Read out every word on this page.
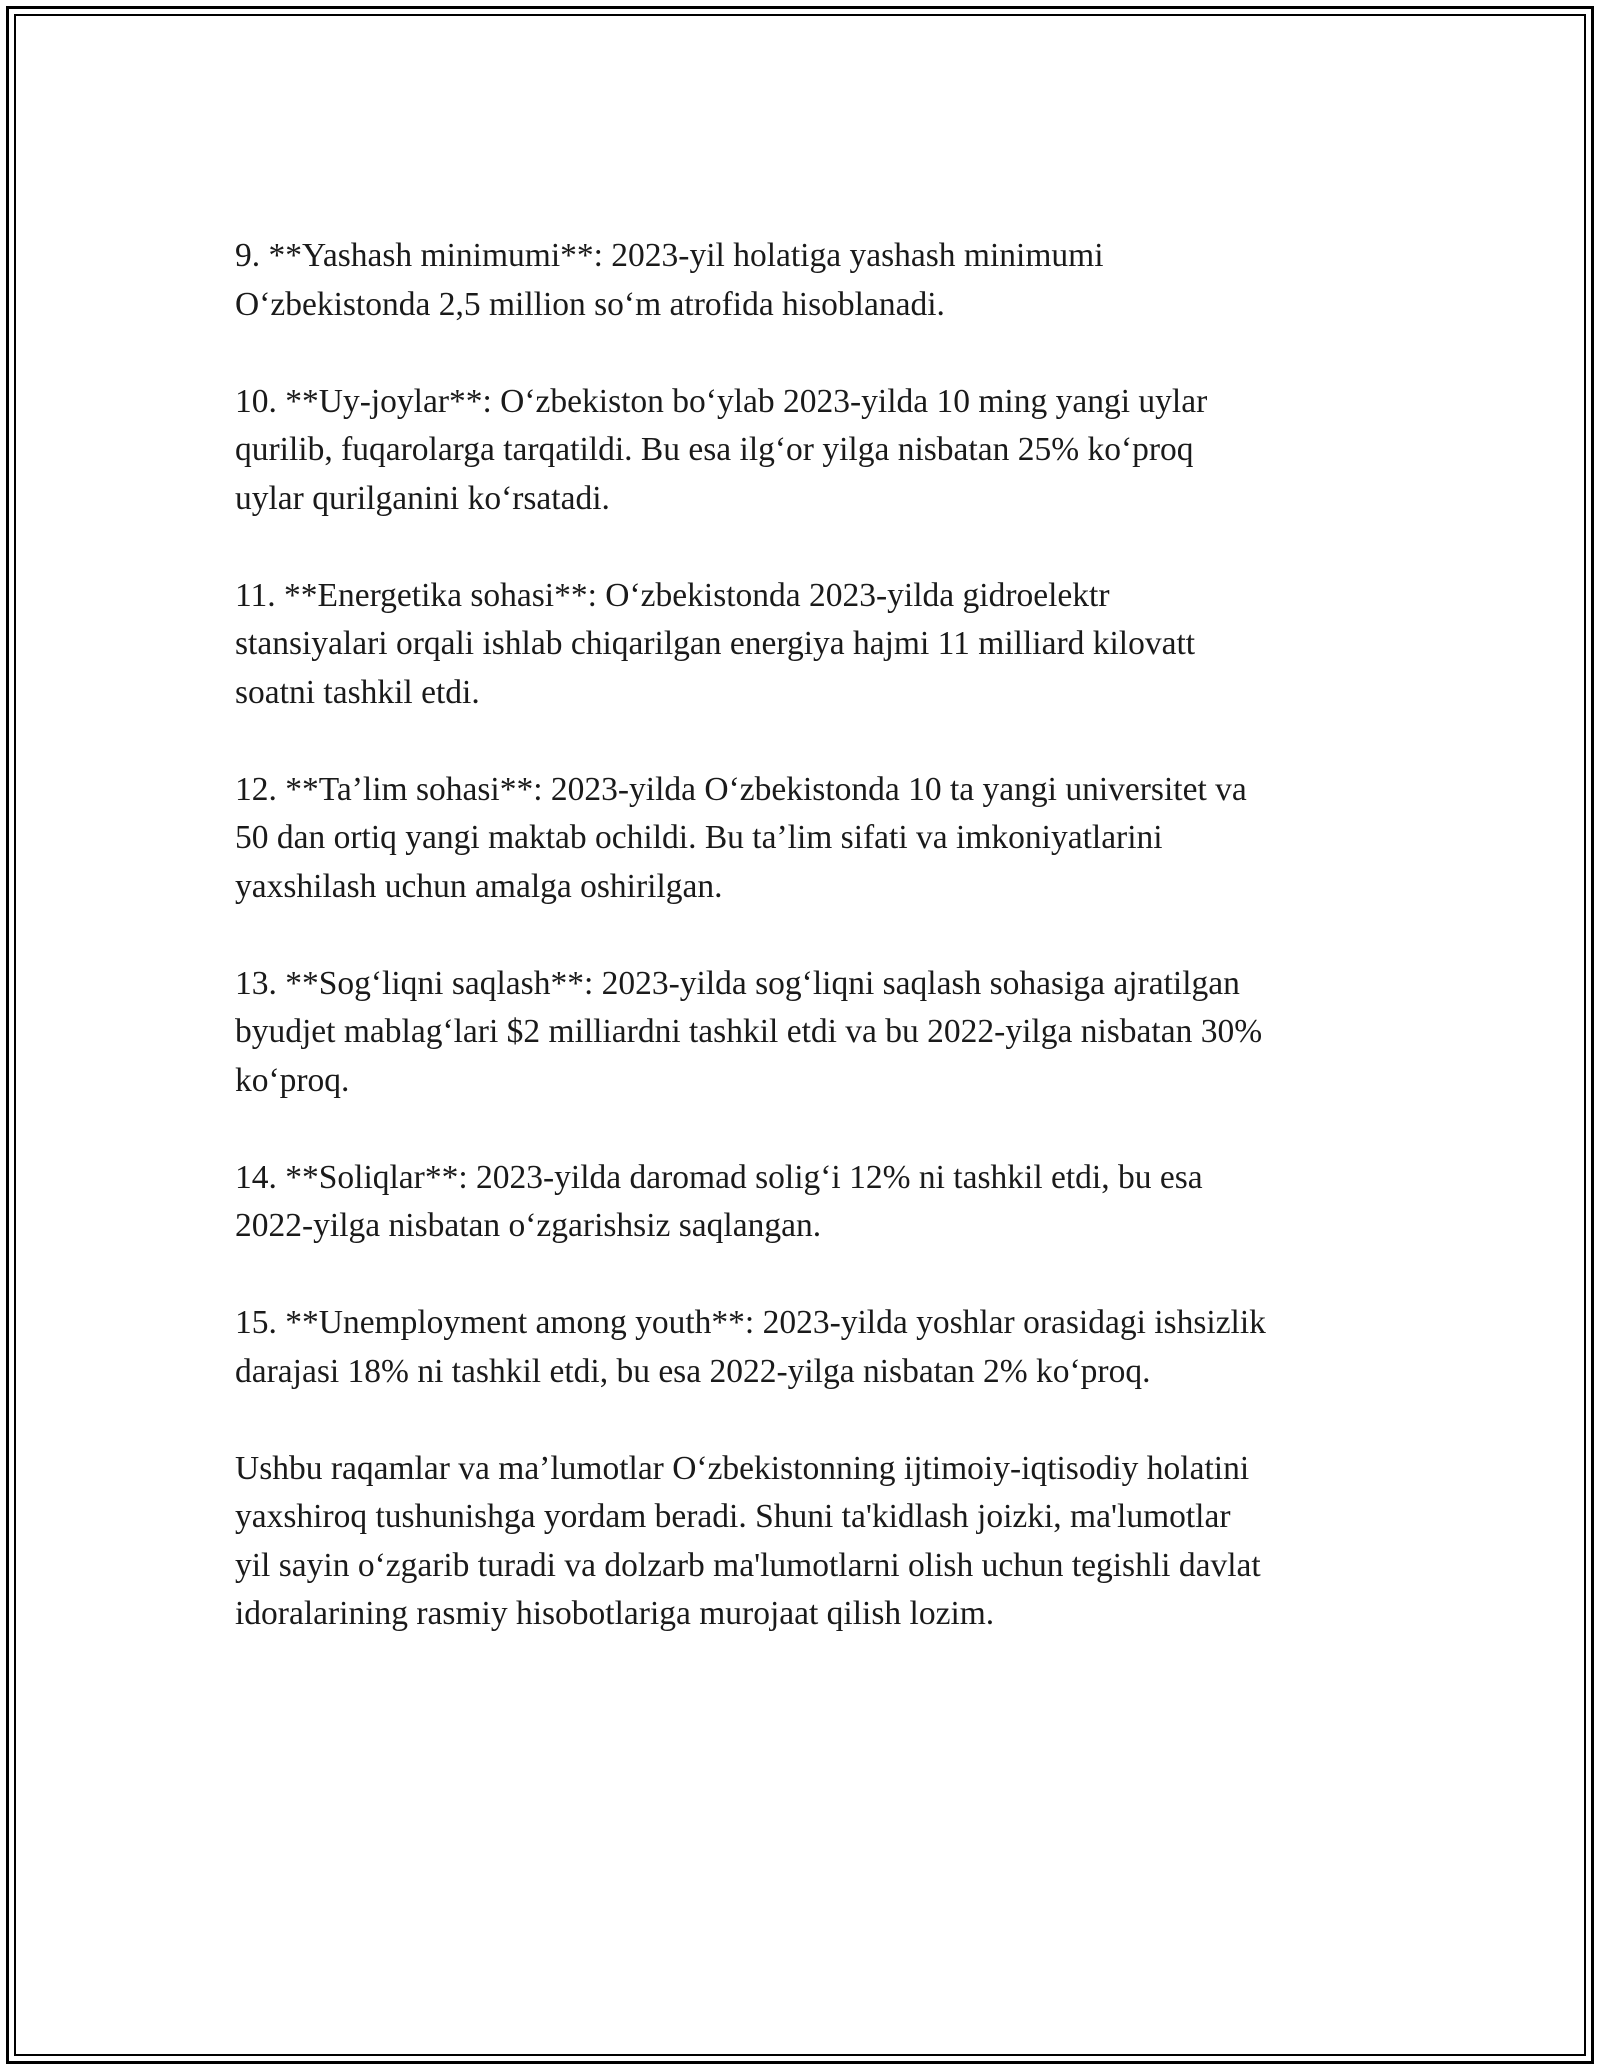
9. **Yashash minimumi**: 2023-yil holatiga yashash minimumi
O‘zbekistonda 2,5 million so‘m atrofida hisoblanadi.

10. **Uy-joylar**: O‘zbekiston bo‘ylab 2023-yilda 10 ming yangi uylar
qurilib, fuqarolarga tarqatildi. Bu esa ilg‘or yilga nisbatan 25% ko‘proq
uylar qurilganini ko‘rsatadi.

11. **Energetika sohasi**: O‘zbekistonda 2023-yilda gidroelektr
stansiyalari orqali ishlab chiqarilgan energiya hajmi 11 milliard kilovatt
soatni tashkil etdi.

12. **Ta’lim sohasi**: 2023-yilda O‘zbekistonda 10 ta yangi universitet va
50 dan ortiq yangi maktab ochildi. Bu ta’lim sifati va imkoniyatlarini
yaxshilash uchun amalga oshirilgan.

13. **Sog‘liqni saqlash**: 2023-yilda sog‘liqni saqlash sohasiga ajratilgan
byudjet mablag‘lari $2 milliardni tashkil etdi va bu 2022-yilga nisbatan 30%
ko‘proq.

14. **Soliqlar**: 2023-yilda daromad solig‘i 12% ni tashkil etdi, bu esa
2022-yilga nisbatan o‘zgarishsiz saqlangan.

15. **Unemployment among youth**: 2023-yilda yoshlar orasidagi ishsizlik
darajasi 18% ni tashkil etdi, bu esa 2022-yilga nisbatan 2% ko‘proq.

Ushbu raqamlar va ma’lumotlar O‘zbekistonning ijtimoiy-iqtisodiy holatini
yaxshiroq tushunishga yordam beradi. Shuni ta'kidlash joizki, ma'lumotlar
yil sayin o‘zgarib turadi va dolzarb ma'lumotlarni olish uchun tegishli davlat
idoralarining rasmiy hisobotlariga murojaat qilish lozim.
